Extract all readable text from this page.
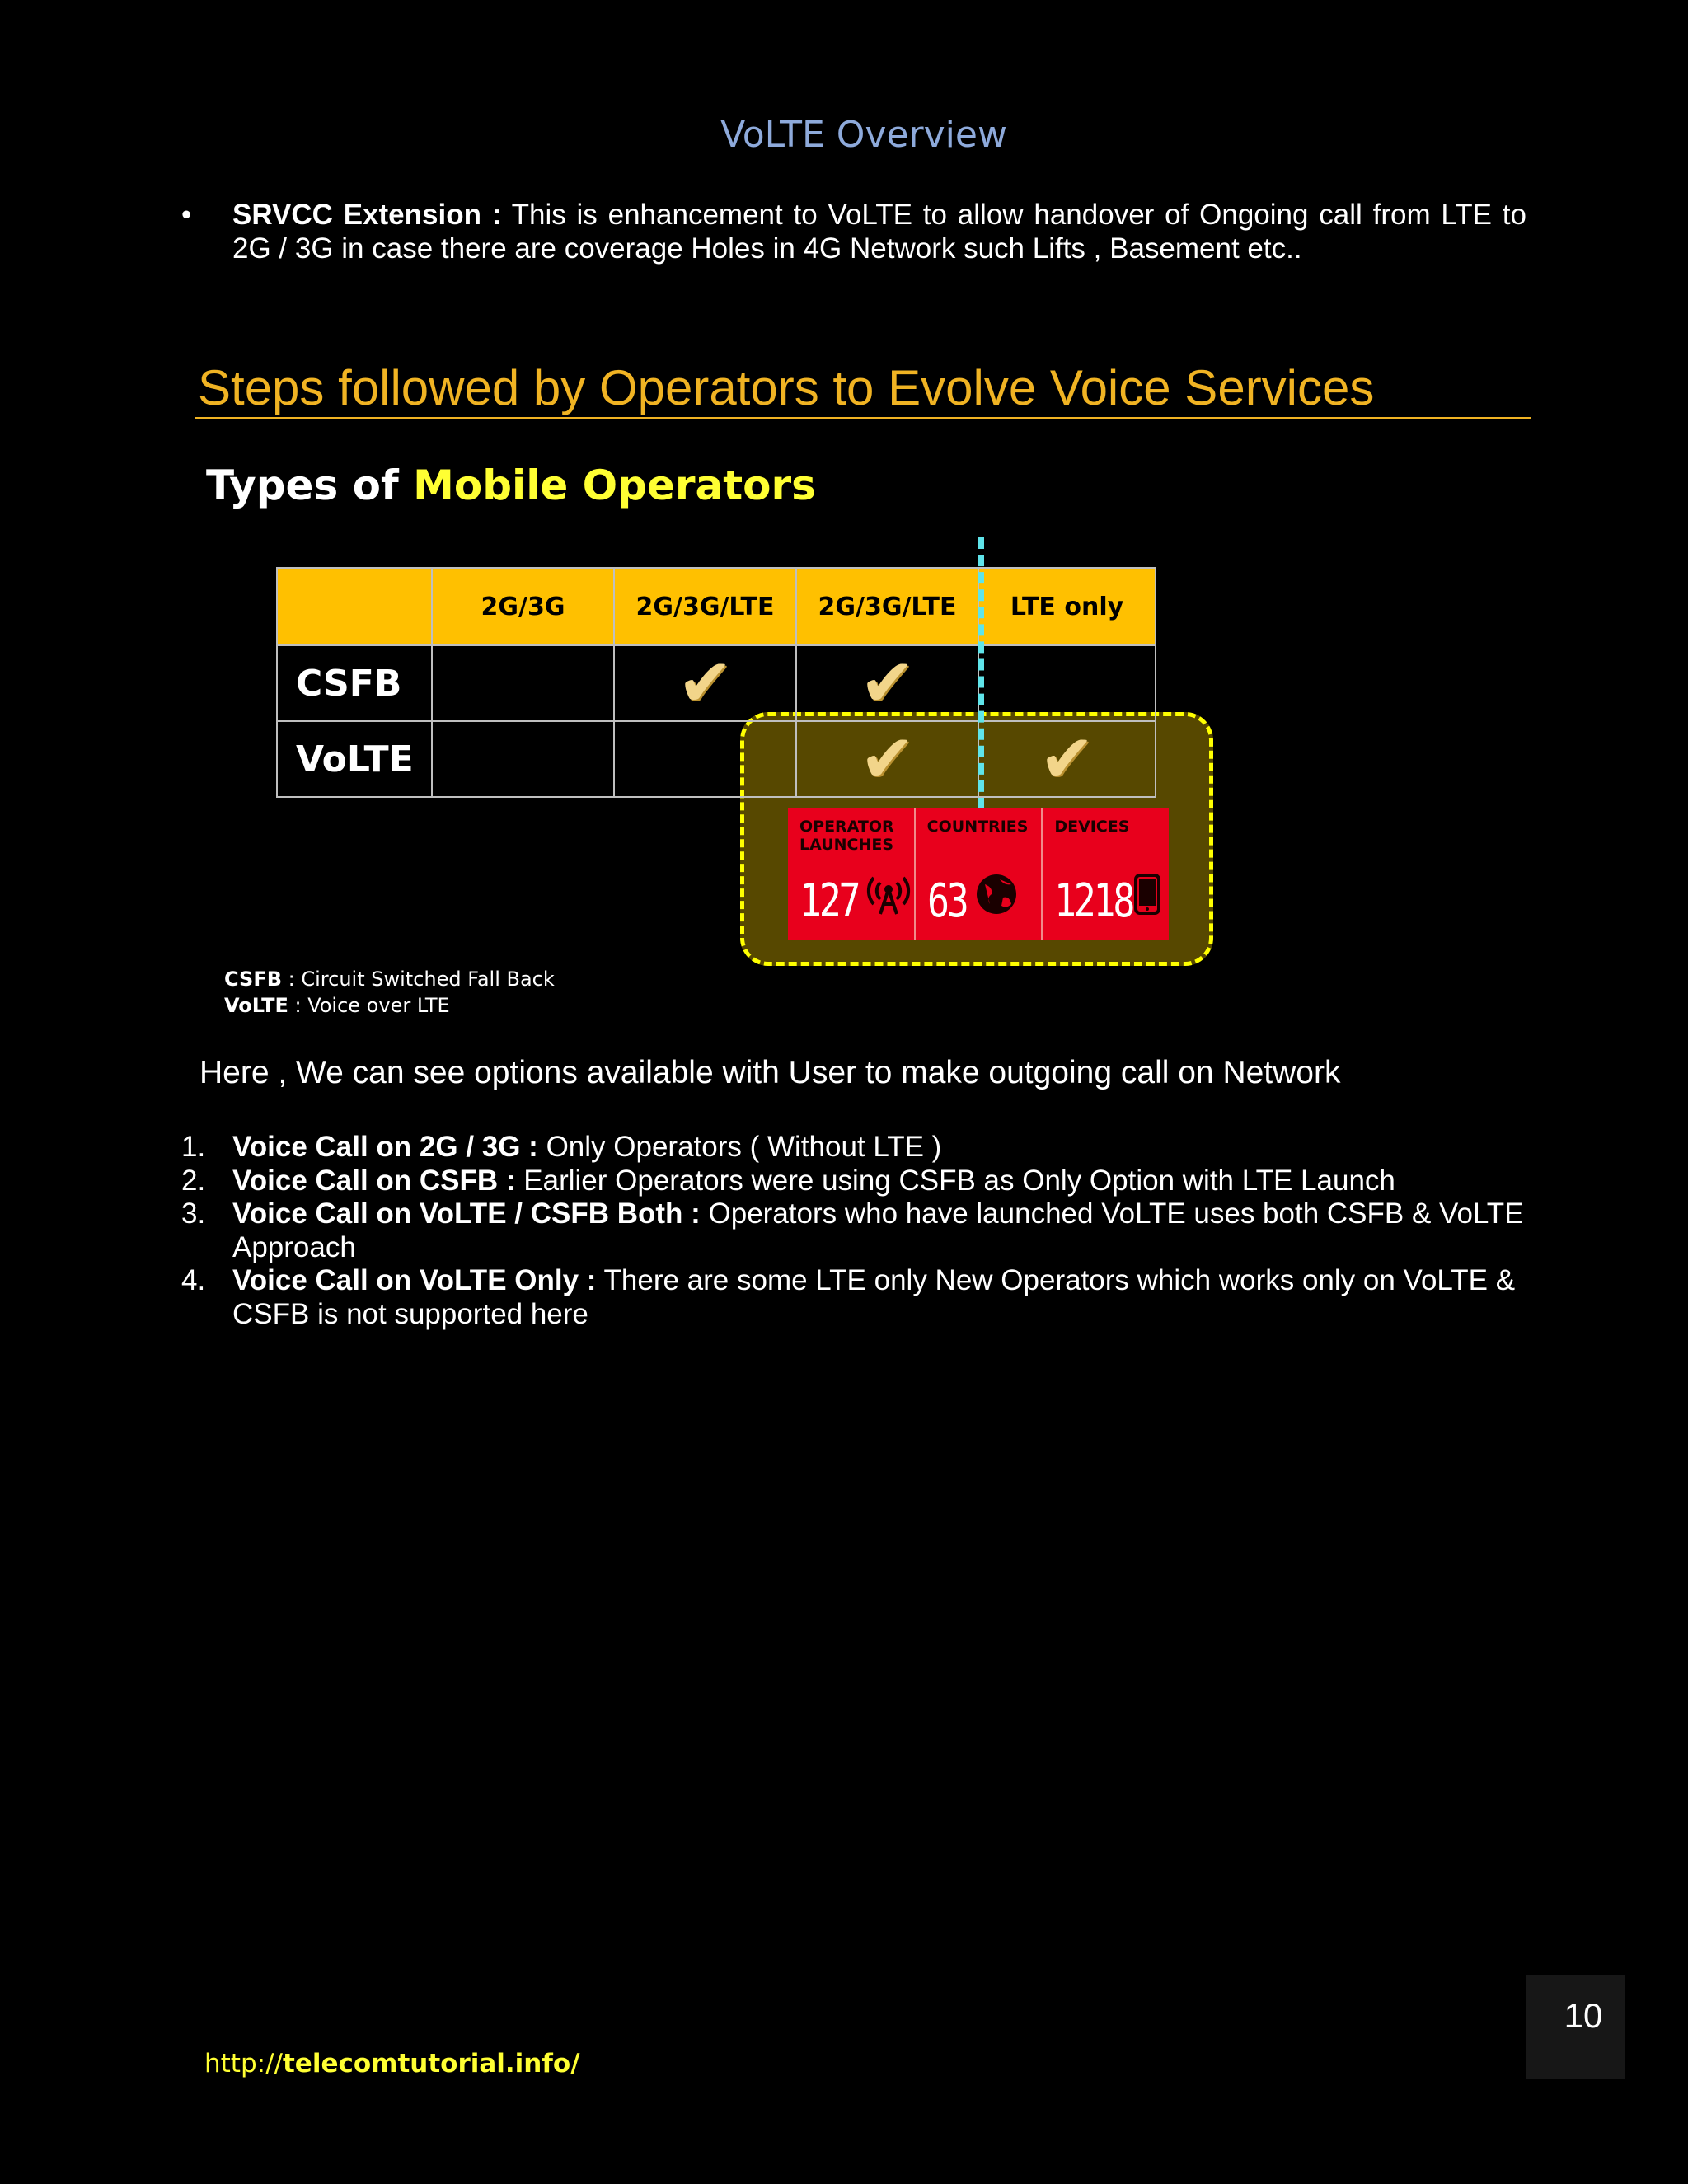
VoLTE Overview
• SRVCC Extension : This is enhancement to VoLTE to allow handover of Ongoing call from LTE to 2G / 3G in case there are coverage Holes in 4G Network such Lifts , Basement etc..
Steps followed by Operators to Evolve Voice Services
Types of Mobile Operators
	2G/3G	2G/3G/LTE	2G/3G/LTE	LTE only
CSFB		✔	✔	
VoLTE			✔	✔
OPERATOR LAUNCHES
127
COUNTRIES
63
DEVICES
1218
CSFB : Circuit Switched Fall Back
VoLTE : Voice over LTE
Here , We can see options available with User to make outgoing call on Network
1. Voice Call on 2G / 3G : Only Operators ( Without LTE )
2. Voice Call on CSFB : Earlier Operators were using CSFB as Only Option with LTE Launch
3. Voice Call on VoLTE / CSFB Both : Operators who have launched VoLTE uses both CSFB & VoLTE Approach
4. Voice Call on VoLTE Only : There are some LTE only New Operators which works only on VoLTE & CSFB is not supported here
10
http://telecomtutorial.info/
